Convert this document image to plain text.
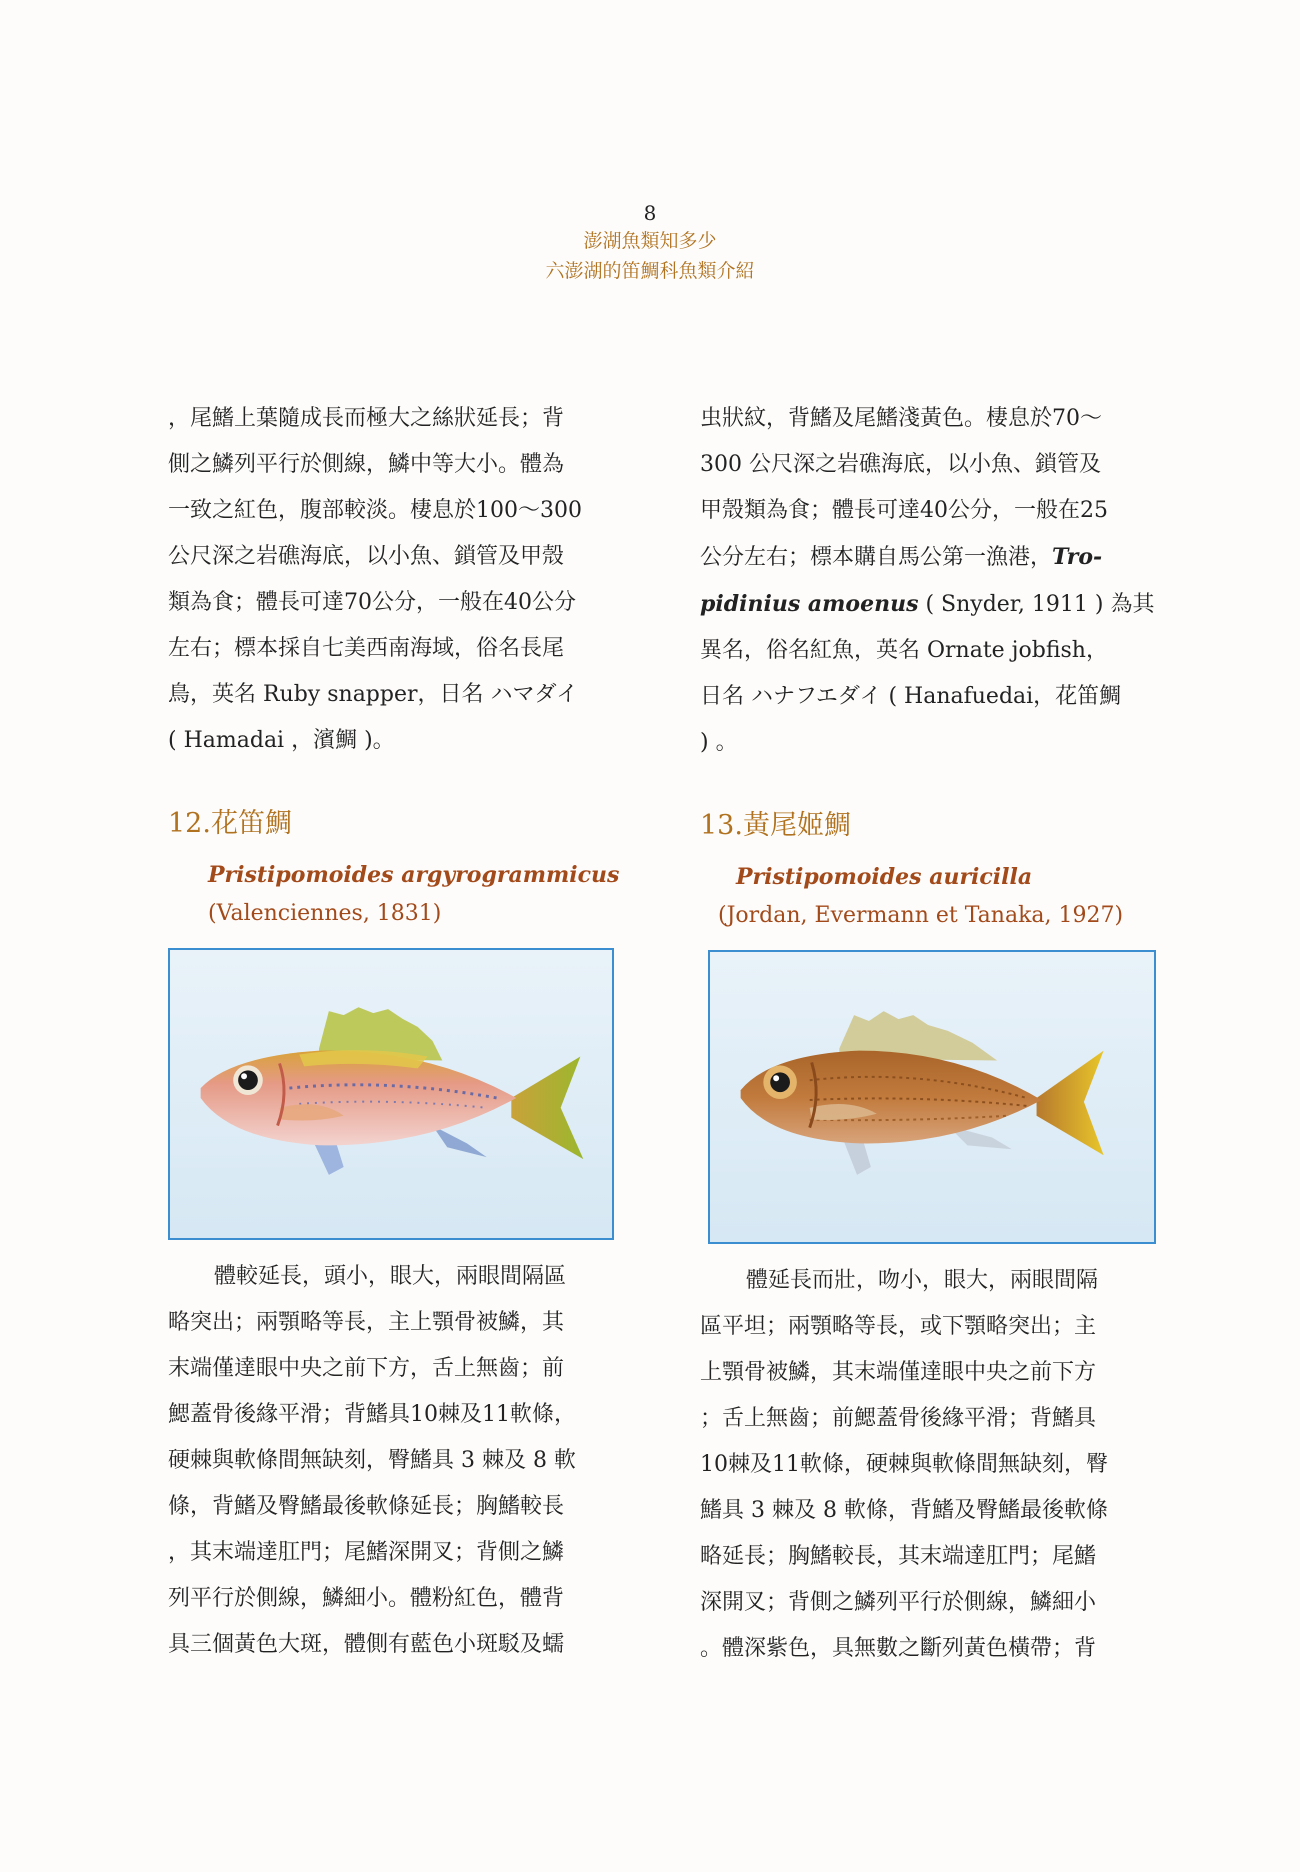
8
澎湖魚類知多少
六澎湖的笛鯛科魚類介紹

，尾鰭上葉隨成長而極大之絲狀延長；背

側之鱗列平行於側線，鱗中等大小。體為

一致之紅色，腹部較淡。棲息於100～300

公尺深之岩礁海底，以小魚、鎖管及甲殼

類為食；體長可達70公分，一般在40公分

左右；標本採自七美西南海域，俗名長尾

鳥，英名 Ruby snapper，日名 ハマダイ

( Hamadai ，濱鯛 )。

12.花笛鯛
Pristipomoides argyrogrammicus
(Valenciennes, 1831)

體較延長，頭小，眼大，兩眼間隔區

略突出；兩顎略等長，主上顎骨被鱗，其

末端僅達眼中央之前下方，舌上無齒；前

鰓蓋骨後緣平滑；背鰭具10棘及11軟條，

硬棘與軟條間無缺刻，臀鰭具 3 棘及 8 軟

條，背鰭及臀鰭最後軟條延長；胸鰭較長

，其末端達肛門；尾鰭深開叉；背側之鱗

列平行於側線，鱗細小。體粉紅色，體背

具三個黃色大斑，體側有藍色小斑駁及蠕

虫狀紋，背鰭及尾鰭淺黃色。棲息於70～

300 公尺深之岩礁海底，以小魚、鎖管及

甲殼類為食；體長可達40公分，一般在25

公分左右；標本購自馬公第一漁港，Tro-

pidinius amoenus ( Snyder, 1911 ) 為其

異名，俗名紅魚，英名 Ornate jobfish，

日名 ハナフエダイ ( Hanafuedai，花笛鯛

) 。

13.黃尾姬鯛
Pristipomoides auricilla
(Jordan, Evermann et Tanaka, 1927)

體延長而壯，吻小，眼大，兩眼間隔

區平坦；兩顎略等長，或下顎略突出；主

上顎骨被鱗，其末端僅達眼中央之前下方

；舌上無齒；前鰓蓋骨後緣平滑；背鰭具

10棘及11軟條，硬棘與軟條間無缺刻，臀

鰭具 3 棘及 8 軟條，背鰭及臀鰭最後軟條

略延長；胸鰭較長，其末端達肛門；尾鰭

深開叉；背側之鱗列平行於側線，鱗細小

。體深紫色，具無數之斷列黃色橫帶；背
